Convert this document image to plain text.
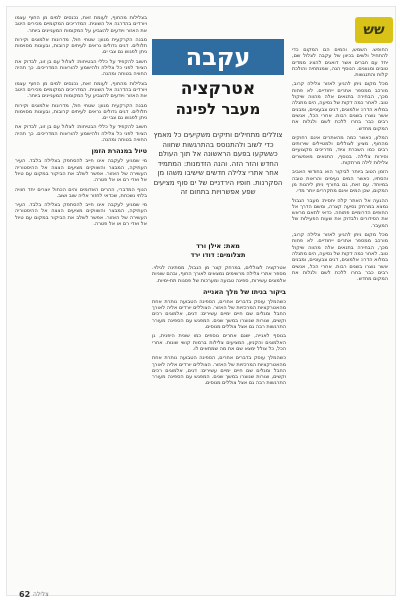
שש

החופש. השמש, והמים הם המקום כדי להתחיל ולשים בכיוון של עקבה לצלול שם, יחד עם חברים אשר דואגים להציג ממדים טובים ומגוונים. הנוסף הנה, שמנתחיה והולכת קלות והתנגשות.

מכל מקום ניתן להגיע לאזור צלילה קרוב, מורכב ממספר אתרים ייחודיים. לא פחות מכך, הבחירה בתנאים אלה מהווה שיקול טוב. לאחר כמה דקות של נסיעה, הים מתגלה במלוא הדרו: אלמוגים, דגים צבעוניים, ומבנים אשר נוצרו בשנים רבות. אחרי הכל, אנשים רבים כבר בחרו ללכת לשם ולגלות את המקום מחדש.

המלון, כאשר כמה מהאתרים אינם רחוקים מהחוף, מציע לצוללים ולמטיילים שירותים רבים כמו השכרת ציוד, מדריכים מקצועיים וסירות צלילה. בנוסף, התנאים מאפשרים צלילות לילה מרתקות.

הזמן הטוב ביותר לביקור הוא בחודשי האביב והסתיו, כאשר המים נעימים והראות טובה במיוחד. עם זאת, גם בחורף ניתן ליהנות מן המקום, שכן המים אינם מתקררים יותר מדי.

ההגעה אל האתר קלה יחסית: מעבר הגבול נמצא במרחק נסיעה קצרה, ומשם הדרך אל החופים הדרומיים פתוחה. כדאי לתאם מראש את הסידורים ולבדוק את שעות הפעילות של המעבר.

מכל מקום ניתן להגיע לאזור צלילה קרוב, מורכב ממספר אתרים ייחודיים. לא פחות מכך, הבחירה בתנאים אלה מהווה שיקול טוב. לאחר כמה דקות של נסיעה, הים מתגלה במלוא הדרו: אלמוגים, דגים צבעוניים, ומבנים אשר נוצרו בשנים רבות. אחרי הכל, אנשים רבים כבר בחרו ללכת לשם ולגלות את המקום מחדש.

עקבה
אטרקציה
מעבר לפינה
צוללים מתחילים ותיקים משקיעים כל מאמץ כדי לשוב ולהתנוסס בהתרגשות שחווה כששקעו בפעם הראשונה אל תוך העולם החדש והזר הזה. והנה הזדמנות: המתמיד אחר אתרי צלילה חדשים שישיבו משהו מן הסקרנות. חופיו הירדניים של ים סוף מציעים שפע אפשרויות בתחום זה
מאת: אילן ורד
תצלומים: דודו ירד

אטרקציה לצוללים, במרחק קצר מן הגבול, ממתינה לגילוי. מספר אתרי צלילה מרשימים נמצאים לאורך החוף, ובהם שוניות אלמוגים עשירות, ספינה טבועה ומערכות של פסגות תת-ימיות.

ביקור בניתו של מלך האנייה

כשהמלך עוסק בדברים אחרים, הספינה הטבועה נותרת אחת מהאטרקציות המרכזיות של האזור. הצוללים יורדים אליה לאורך החבל ומגלים שם חיים ימיים עשירים: דגים, אלמוגים רכים וקשים, וצורות שנוצרו במשך שנים. המפגש עם הספינה מעורר התרגשות רבה גם אצל צוללים מנוסים.

בנוסף לאנייה, ישנם אתרים נוספים כמו שונית היפנית, גן האלמוגים והקניון, המציעים צלילות ברמות קושי שונות. אחרי הכל, כל צולל ימצא שם את מה שמתאים לו.

כשהמלך עוסק בדברים אחרים, הספינה הטבועה נותרת אחת מהאטרקציות המרכזיות של האזור. הצוללים יורדים אליה לאורך החבל ומגלים שם חיים ימיים עשירים: דגים, אלמוגים רכים וקשים, וצורות שנוצרו במשך שנים. המפגש עם הספינה מעורר התרגשות רבה גם אצל צוללים מנוסים.

בצלילות מהחוף, לעומת זאת, נכנסים למים מן החוף עצמו ויורדים בהדרגה אל השונית. המדריכים המקומיים מכירים היטב את האזור ויודעים להצביע על המקומות המעניינים ביותר.

מבנה הקרקעית מגוון: שטחי חול, מדרונות אלמוגים וקירות תלולים. דגים גדולים נראים לעיתים קרובות, ובעונות מסוימות ניתן לפגוש גם צבי ים.

חשוב להקפיד על כללי הבטיחות: לצלול עם בן זוג, לבדוק את הציוד לפני כל צלילה ולהישמע להוראות המדריכים. כך תהיה החוויה בטוחה ומהנה.

בצלילות מהחוף, לעומת זאת, נכנסים למים מן החוף עצמו ויורדים בהדרגה אל השונית. המדריכים המקומיים מכירים היטב את האזור ויודעים להצביע על המקומות המעניינים ביותר.

מבנה הקרקעית מגוון: שטחי חול, מדרונות אלמוגים וקירות תלולים. דגים גדולים נראים לעיתים קרובות, ובעונות מסוימות ניתן לפגוש גם צבי ים.

חשוב להקפיד על כללי הבטיחות: לצלול עם בן זוג, לבדוק את הציוד לפני כל צלילה ולהישמע להוראות המדריכים. כך תהיה החוויה בטוחה ומהנה.

טיול במנהרת הזמן

מי שמגיע לעקבה אינו חייב להסתפק בצלילה בלבד. העיר העתיקה, המבצר והשווקים מציעים הצצה אל ההיסטוריה העשירה של האזור. אפשר לשלב את הביקור במקום עם טיול אל ואדי רם או אל פטרה.

הנוף המדברי, ההרים האדומים והים הכחול יוצרים יחד חוויה בלתי נשכחת, שכדאי לחזור אליה שוב ושוב.

מי שמגיע לעקבה אינו חייב להסתפק בצלילה בלבד. העיר העתיקה, המבצר והשווקים מציעים הצצה אל ההיסטוריה העשירה של האזור. אפשר לשלב את הביקור במקום עם טיול אל ואדי רם או אל פטרה.

62 צלילה
